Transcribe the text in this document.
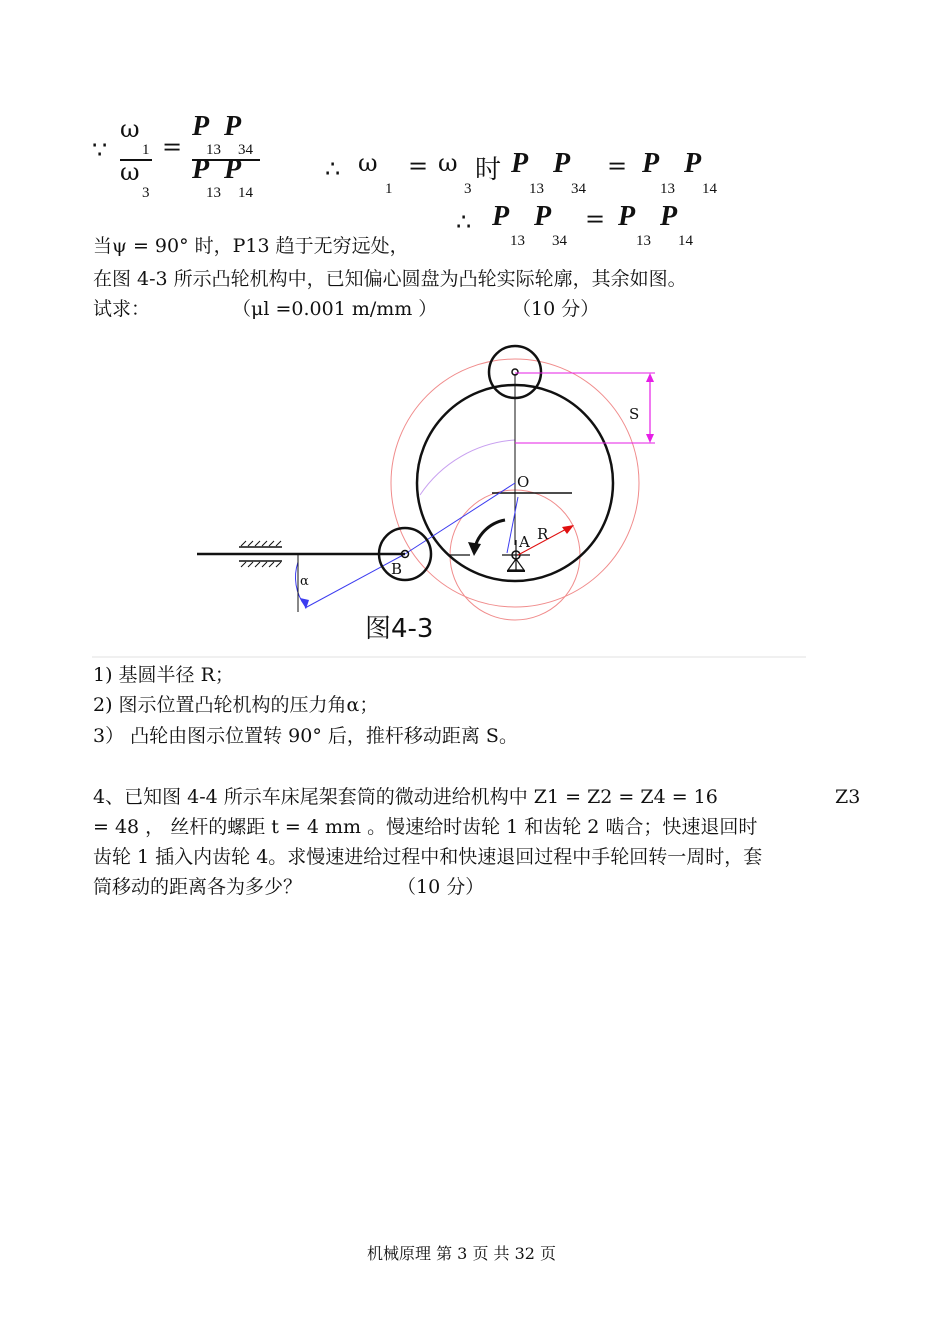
∵
ω
1
ω
3
=
P P
13 34
P P
13 14
∴ ω
1
= ω
3
时 P
13
P
34
= P
13
P
14
∴ P
13
P
34
= P
13
P
14
当ψ = 90° 时，P13 趋于无穷远处，
在图 4-3 所示凸轮机构中，已知偏心圆盘为凸轮实际轮廓，其余如图。
试求：	（μl =0.001 m/mm ）	（10 分）
S
O
R
A
B
α
图4-3
1) 基圆半径 R；
2) 图示位置凸轮机构的压力角α；
3） 凸轮由图示位置转 90° 后，推杆移动距离 S。
4、已知图 4-4 所示车床尾架套筒的微动进给机构中 Z1 = Z2 = Z4 = 16	Z3
= 48 ， 丝杆的螺距 t = 4 mm 。慢速给时齿轮 1 和齿轮 2 啮合；快速退回时
齿轮 1 插入内齿轮 4。求慢速进给过程中和快速退回过程中手轮回转一周时，套
筒移动的距离各为多少？	（10 分）
机械原理 第 3 页 共 32 页
